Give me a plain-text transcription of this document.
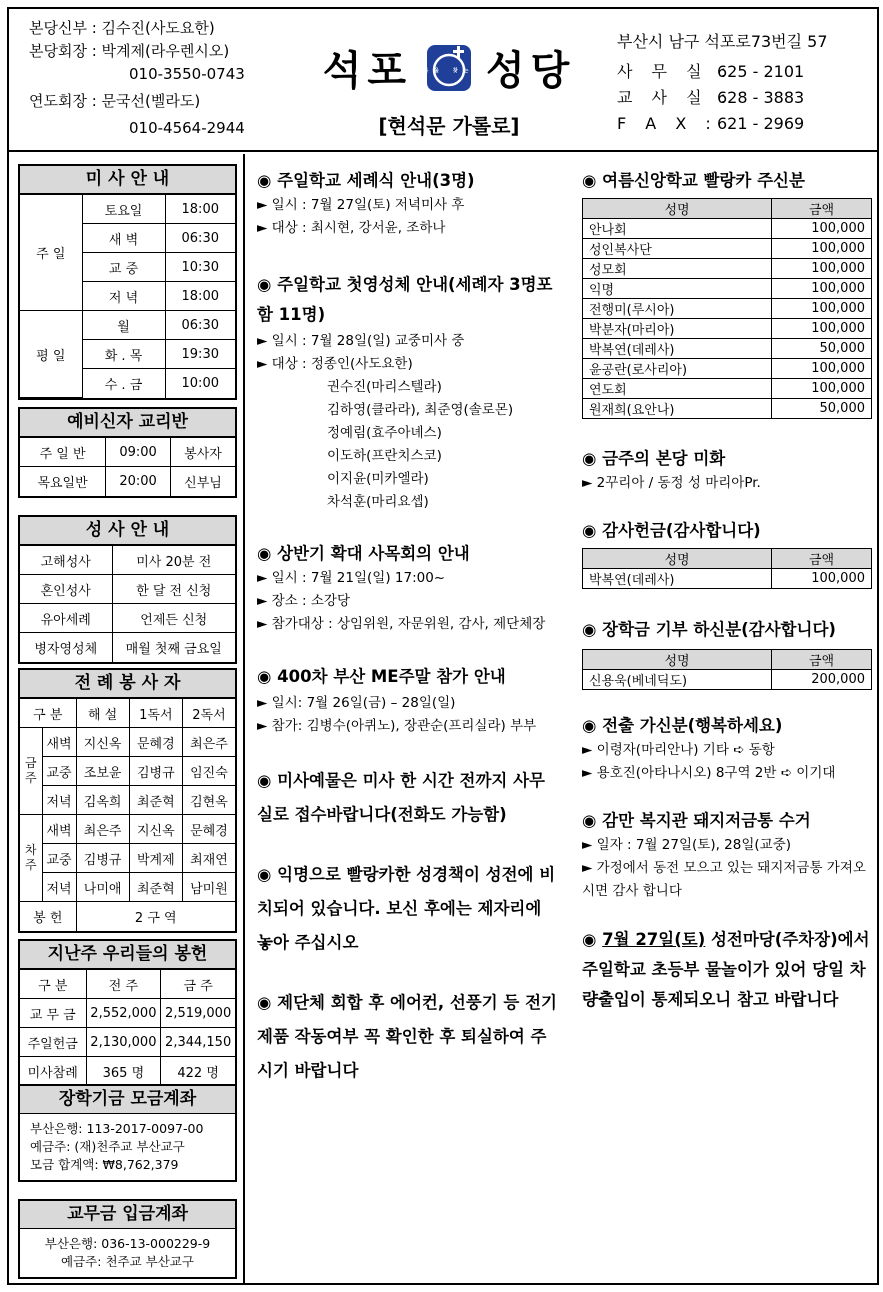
본당신부 : 김수진(사도요한)
본당회장 : 박계제(라우렌시오)
010-3550-0743
연도회장 : 문국선(벨라도)
010-4564-2944
석포 행복을 찾는다 성당
[현석문 가롤로]
부산시 남구 석포로73번길 57
사 무 실 :
625 - 2101
교 사 실 :
628 - 3883
F A X : 621 - 2969
미 사 안 내
주 일	토요일	18:00
	새 벽	06:30
	교 중	10:30
	저 녁	18:00
평 일	월	06:30
	화 . 목	19:30
	수 . 금	10:00
예비신자 교리반
주 일 반	09:00	봉사자
목요일반	20:00	신부님
성 사 안 내
고해성사	미사 20분 전
혼인성사	한 달 전 신청
유아세례	언제든 신청
병자영성체	매월 첫째 금요일
전 례 봉 사 자
구 분		해 설	1독서	2독서
금주	새벽	지신옥	문혜경	최은주
	교중	조보윤	김병규	임진숙
	저녁	김옥희	최준혁	김현옥
차주	새벽	최은주	지신옥	문혜경
	교중	김병규	박계제	최재연
	저녁	나미애	최준혁	남미원
봉 헌		2 구 역		
지난주 우리들의 봉헌
구 분	전 주	금 주
교 무 금	2,552,000	2,519,000
주일헌금	2,130,000	2,344,150
미사참례	365 명	422 명
장학기금 모금계좌
부산은행: 113-2017-0097-00
예금주: (재)천주교 부산교구
모금 합계액: ₩8,762,379
교무금 입금계좌
부산은행: 036-13-000229-9
예금주: 천주교 부산교구
◉ 주일학교 세례식 안내(3명)
► 일시 : 7월 27일(토) 저녁미사 후
► 대상 : 최시현, 강서윤, 조하나
◉ 주일학교 첫영성체 안내(세례자 3명포함 11명)
► 일시 : 7월 28일(일) 교중미사 중
► 대상 : 정종인(사도요한)
권수진(마리스텔라)
김하영(클라라), 최준영(솔로몬)
정예림(효주아녜스)
이도하(프란치스코)
이지윤(미카엘라)
차석훈(마리요셉)
◉ 상반기 확대 사목회의 안내
► 일시 : 7월 21일(일) 17:00~
► 장소 : 소강당
► 참가대상 : 상임위원, 자문위원, 감사, 제단체장
◉ 400차 부산 ME주말 참가 안내
► 일시: 7월 26일(금) – 28일(일)
► 참가: 김병수(아퀴노), 장관순(프리실라) 부부
◉ 미사예물은 미사 한 시간 전까지 사무실로 접수바랍니다(전화도 가능함)
◉ 익명으로 빨랑카한 성경책이 성전에 비치되어 있습니다. 보신 후에는 제자리에 놓아 주십시오
◉ 제단체 회합 후 에어컨, 선풍기 등 전기제품 작동여부 꼭 확인한 후 퇴실하여 주시기 바랍니다
◉ 여름신앙학교 빨랑카 주신분
성명	금액
안나회	100,000
성인복사단	100,000
성모회	100,000
익명	100,000
전행미(루시아)	100,000
박분자(마리아)	100,000
박복연(데레사)	50,000
윤공란(로사리아)	100,000
연도회	100,000
원재희(요안나)	50,000
◉ 금주의 본당 미화
► 2꾸리아 / 동정 성 마리아Pr.
◉ 감사헌금(감사합니다)
성명	금액
박복연(데레사)	100,000
◉ 장학금 기부 하신분(감사합니다)
성명	금액
신용욱(베네딕도)	200,000
◉ 전출 가신분(행복하세요)
► 이령자(마리안나) 기타 ➪ 동항
► 용호진(아타나시오) 8구역 2반 ➪ 이기대
◉ 감만 복지관 돼지저금통 수거
► 일자 : 7월 27일(토), 28일(교중)
► 가정에서 동전 모으고 있는 돼지저금통 가져오시면 감사 합니다
◉ 7월 27일(토) 성전마당(주차장)에서 주일학교 초등부 물놀이가 있어 당일 차량출입이 통제되오니 참고 바랍니다
